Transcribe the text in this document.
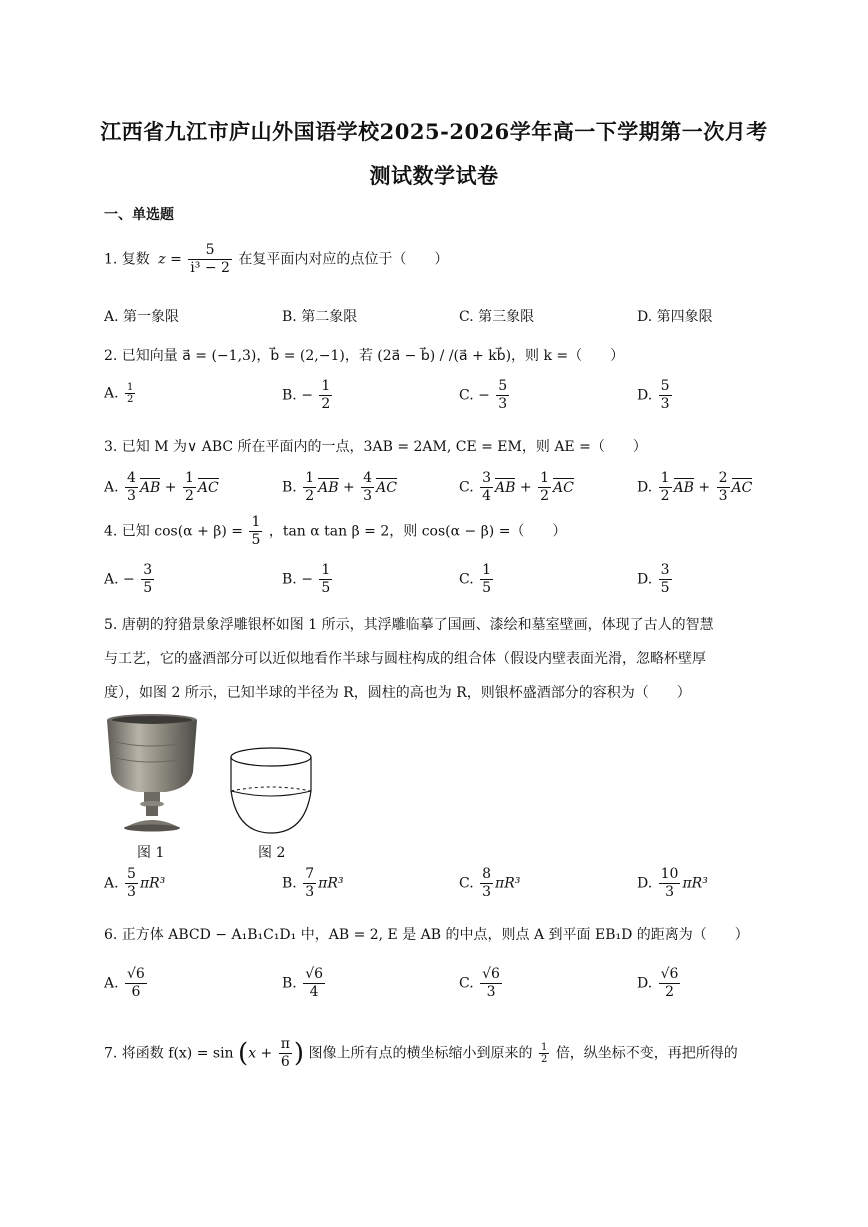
江西省九江市庐山外国语学校2025-2026学年高一下学期第一次月考
测试数学试卷
一、单选题
1. 复数 $z = \frac{5}{\text{i³ − 2}}$ 在复平面内对应的点位于（　　）
A. 第一象限	B. 第二象限	C. 第三象限	D. 第四象限
2. 已知向量 a⃗ = (−1,3)，b⃗ = (2,−1)，若 (2a⃗ − b⃗) / /(a⃗ + kb⃗)，则 k =（　　）
A. $\frac{1}{2}$	B. − $\frac{1}{2}$	C. − $\frac{5}{3}$	D. $\frac{5}{3}$
3. 已知 M 为∨ ABC 所在平面内的一点，3AB = 2AM, CE = EM，则 AE =（　　）
A. $\frac{4}{3}$ AB + $\frac{1}{2}$ AC	B. $\frac{1}{2}$ AB + $\frac{4}{3}$ AC	C. $\frac{3}{4}$ AB + $\frac{1}{2}$ AC	D. $\frac{1}{2}$ AB + $\frac{2}{3}$ AC
4. 已知 $\cos(\alpha + \beta) = \frac{1}{5}$ ，tan α tan β = 2，则 cos(α − β) =（　　）
A. − $\frac{3}{5}$	B. − $\frac{1}{5}$	C. $\frac{1}{5}$	D. $\frac{3}{5}$
5. 唐朝的狩猎景象浮雕银杯如图 1 所示，其浮雕临摹了国画、漆绘和墓室壁画，体现了古人的智慧
与工艺，它的盛酒部分可以近似地看作半球与圆柱构成的组合体（假设内壁表面光滑，忽略杯壁厚
度），如图 2 所示，已知半球的半径为 R，圆柱的高也为 R，则银杯盛酒部分的容积为（　　）
图 1	图 2
A. $\frac{5}{3} \pi R^3$	B. $\frac{7}{3} \pi R^3$	C. $\frac{8}{3} \pi R^3$	D. $\frac{10}{3} \pi R^3$
6. 正方体 ABCD − A₁B₁C₁D₁ 中，AB = 2, E 是 AB 的中点，则点 A 到平面 EB₁D 的距离为（　　）
A. $\frac{√6}{6}$	B. $\frac{√6}{4}$	C. $\frac{√6}{3}$	D. $\frac{√6}{2}$
7. 将函数 $f(x) = \sin (x + \frac{\pi}{6}$ ) 图像上所有点的横坐标缩小到原来的 $\frac{1}{2}$ 倍，纵坐标不变，再把所得的
